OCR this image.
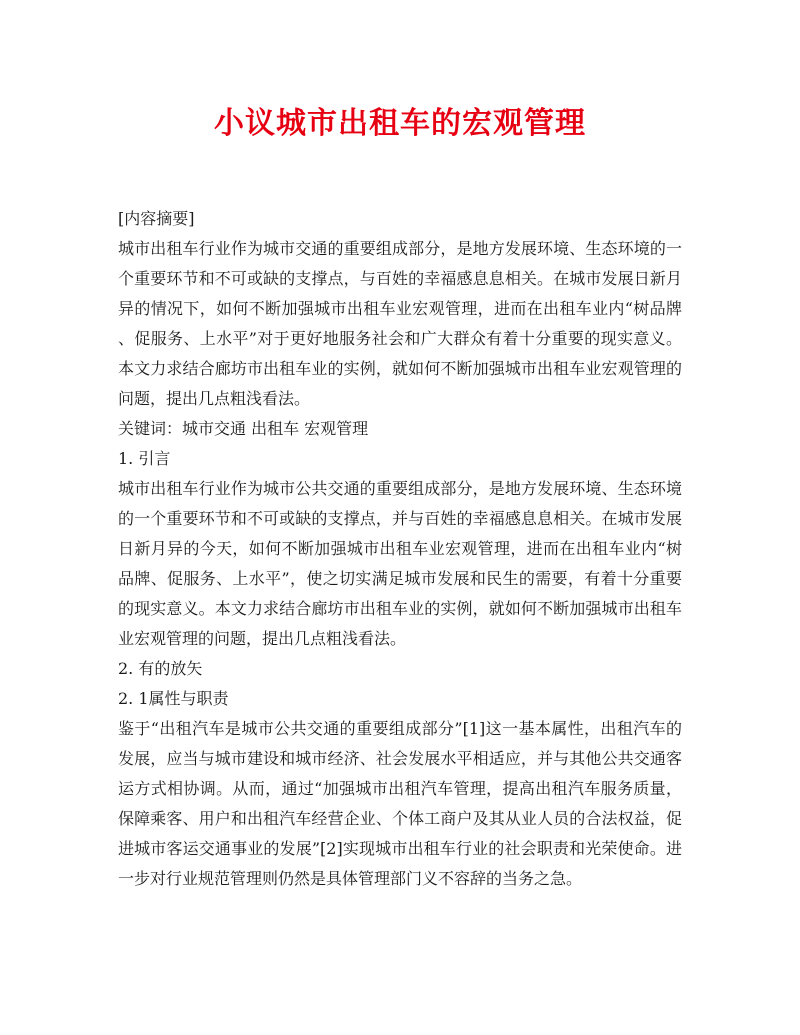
小议城市出租车的宏观管理
[内容摘要]
城市出租车行业作为城市交通的重要组成部分，是地方发展环境、生态环境的一
个重要环节和不可或缺的支撑点，与百姓的幸福感息息相关。在城市发展日新月
异的情况下，如何不断加强城市出租车业宏观管理，进而在出租车业内“树品牌
、促服务、上水平”对于更好地服务社会和广大群众有着十分重要的现实意义。
本文力求结合廊坊市出租车业的实例，就如何不断加强城市出租车业宏观管理的
问题，提出几点粗浅看法。
关键词：城市交通 出租车 宏观管理
1. 引言
城市出租车行业作为城市公共交通的重要组成部分，是地方发展环境、生态环境
的一个重要环节和不可或缺的支撑点，并与百姓的幸福感息息相关。在城市发展
日新月异的今天，如何不断加强城市出租车业宏观管理，进而在出租车业内“树
品牌、促服务、上水平”，使之切实满足城市发展和民生的需要，有着十分重要
的现实意义。本文力求结合廊坊市出租车业的实例，就如何不断加强城市出租车
业宏观管理的问题，提出几点粗浅看法。
2. 有的放矢
2. 1属性与职责
鉴于“出租汽车是城市公共交通的重要组成部分”[1]这一基本属性，出租汽车的
发展，应当与城市建设和城市经济、社会发展水平相适应，并与其他公共交通客
运方式相协调。从而，通过“加强城市出租汽车管理，提高出租汽车服务质量，
保障乘客、用户和出租汽车经营企业、个体工商户及其从业人员的合法权益，促
进城市客运交通事业的发展”[2]实现城市出租车行业的社会职责和光荣使命。进
一步对行业规范管理则仍然是具体管理部门义不容辞的当务之急。
